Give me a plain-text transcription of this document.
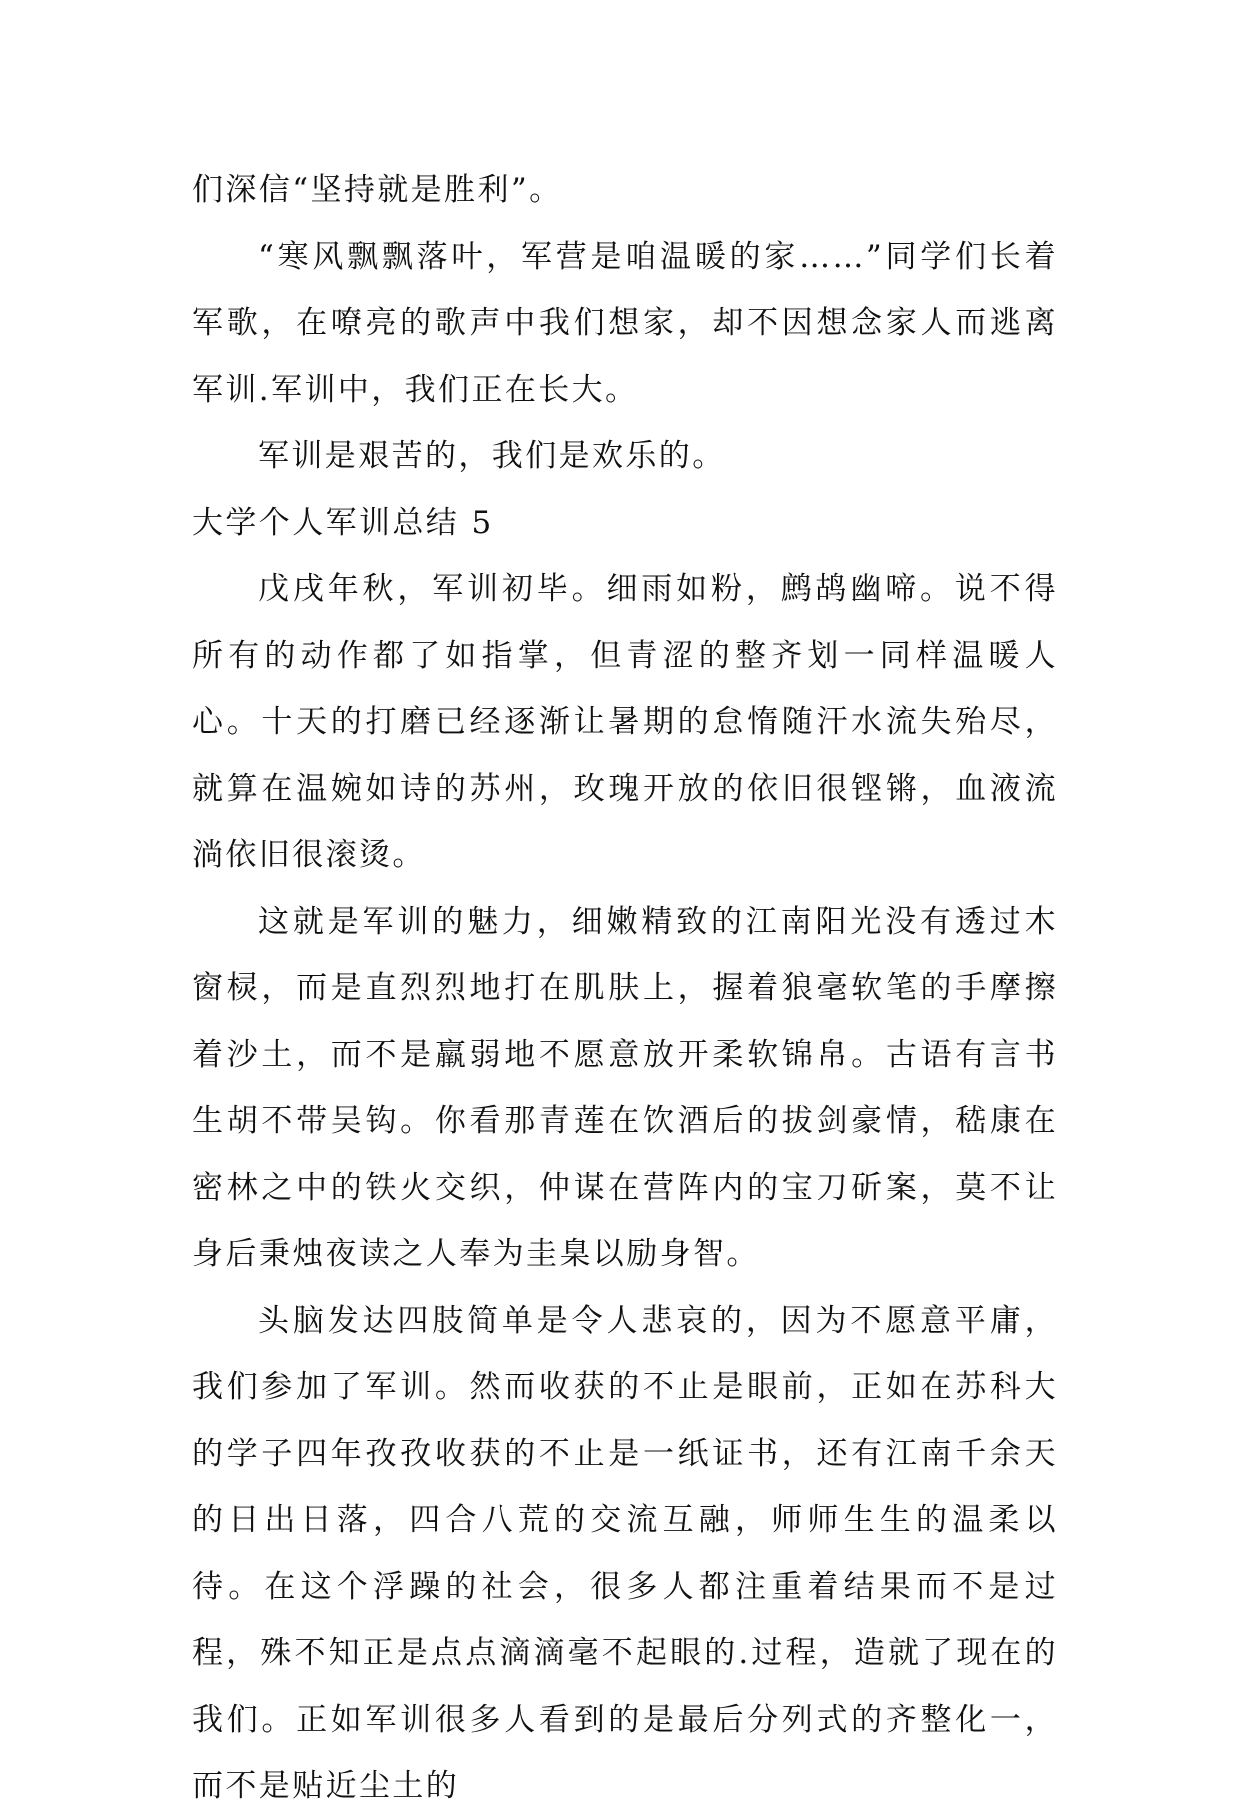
们深信“坚持就是胜利”。

“寒风飘飘落叶，军营是咱温暖的家……”同学们长着军歌，在嘹亮的歌声中我们想家，却不因想念家人而逃离军训.军训中，我们正在长大。

军训是艰苦的，我们是欢乐的。

大学个人军训总结 5

戊戌年秋，军训初毕。细雨如粉，鹧鸪幽啼。说不得所有的动作都了如指掌，但青涩的整齐划一同样温暖人心。十天的打磨已经逐渐让暑期的怠惰随汗水流失殆尽，就算在温婉如诗的苏州，玫瑰开放的依旧很铿锵，血液流淌依旧很滚烫。

这就是军训的魅力，细嫩精致的江南阳光没有透过木窗棂，而是直烈烈地打在肌肤上，握着狼毫软笔的手摩擦着沙土，而不是羸弱地不愿意放开柔软锦帛。古语有言书生胡不带吴钩。你看那青莲在饮酒后的拔剑豪情，嵇康在密林之中的铁火交织，仲谋在营阵内的宝刀斫案，莫不让身后秉烛夜读之人奉为圭臬以励身智。

头脑发达四肢简单是令人悲哀的，因为不愿意平庸，我们参加了军训。然而收获的不止是眼前，正如在苏科大的学子四年孜孜收获的不止是一纸证书，还有江南千余天的日出日落，四合八荒的交流互融，师师生生的温柔以待。在这个浮躁的社会，很多人都注重着结果而不是过程，殊不知正是点点滴滴毫不起眼的.过程，造就了现在的我们。正如军训很多人看到的是最后分列式的齐整化一，而不是贴近尘土的
